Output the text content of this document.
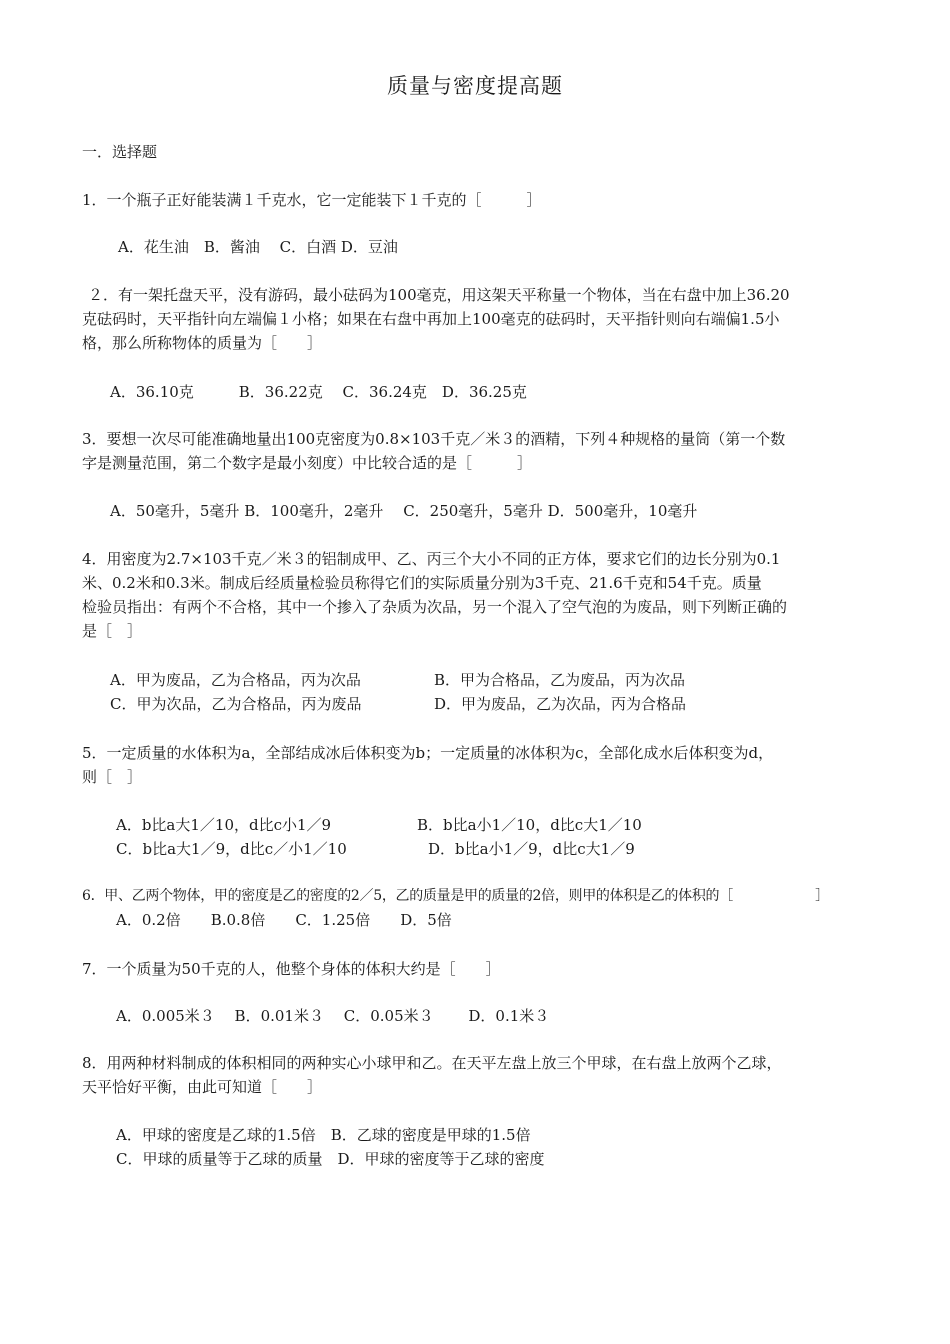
质量与密度提高题
一．选择题
1．一个瓶子正好能装满１千克水，它一定能装下１千克的［　　　］
A．花生油　B．酱油　 C．白酒 D．豆油
２．有一架托盘天平，没有游码，最小砝码为100毫克，用这架天平称量一个物体，当在右盘中加上36.20
克砝码时，天平指针向左端偏１小格；如果在右盘中再加上100毫克的砝码时，天平指针则向右端偏1.5小
格，那么所称物体的质量为［　　］
A．36.10克　　　B．36.22克　 C．36.24克　D．36.25克
3．要想一次尽可能准确地量出100克密度为0.8×103千克／米３的酒精，下列４种规格的量筒（第一个数
字是测量范围，第二个数字是最小刻度）中比较合适的是［　　　］
A．50毫升，5毫升 B．100毫升，2毫升　 C．250毫升，5毫升 D．500毫升，10毫升
4．用密度为2.7×103千克／米３的铝制成甲、乙、丙三个大小不同的正方体，要求它们的边长分别为0.1
米、0.2米和0.3米。制成后经质量检验员称得它们的实际质量分别为3千克、21.6千克和54千克。质量
检验员指出：有两个不合格，其中一个掺入了杂质为次品，另一个混入了空气泡的为废品，则下列断正确的
是［　］
A．甲为废品，乙为合格品，丙为次品	B．甲为合格品，乙为废品，丙为次品
C．甲为次品，乙为合格品，丙为废品	D．甲为废品，乙为次品，丙为合格品
5．一定质量的水体积为a，全部结成冰后体积变为b；一定质量的冰体积为c，全部化成水后体积变为d，
则［　］
A．b比a大1／10，d比c小1／9	B．b比a小1／10，d比c大1／10
C．b比a大1／9，d比c／小1／10	D．b比a小1／9，d比c大1／9
6．甲、乙两个物体，甲的密度是乙的密度的2／5，乙的质量是甲的质量的2倍，则甲的体积是乙的体积的［　　　　　　］
A．0.2倍　　B.0.8倍　　C．1.25倍　　D．5倍
7．一个质量为50千克的人，他整个身体的体积大约是［　　］
A．0.005米３　 B．0.01米３　 C．0.05米３　　 D．0.1米３
8．用两种材料制成的体积相同的两种实心小球甲和乙。在天平左盘上放三个甲球，在右盘上放两个乙球，
天平恰好平衡，由此可知道［　　］
A．甲球的密度是乙球的1.5倍　B．乙球的密度是甲球的1.5倍
C．甲球的质量等于乙球的质量　D．甲球的密度等于乙球的密度
